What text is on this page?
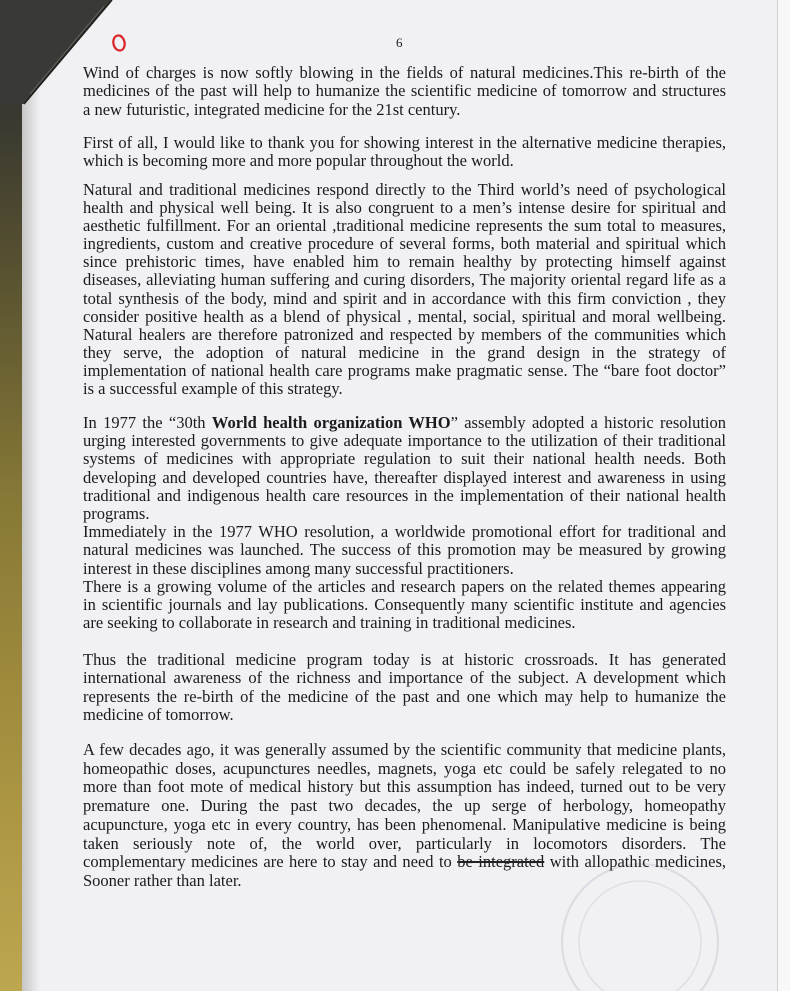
6
Wind of charges is now softly blowing in the fields of natural medicines.This re-birth of the
medicines of the past will help to humanize the scientific medicine of tomorrow and structures
a new futuristic, integrated medicine for the 21st century.
First of all, I would like to thank you for showing interest in the alternative medicine therapies,
which is becoming more and more popular throughout the world.
Natural and traditional medicines respond directly to the Third world’s need of psychological
health and physical well being. It is also congruent to a men’s intense desire for spiritual and
aesthetic fulfillment. For an oriental ,traditional medicine represents the sum total to measures,
ingredients, custom and creative procedure of several forms, both material and spiritual which
since prehistoric times, have enabled him to remain healthy by protecting himself against
diseases, alleviating human suffering and curing disorders, The majority oriental regard life as a
total synthesis of the body, mind and spirit and in accordance with this firm conviction , they
consider positive health as a blend of physical , mental, social, spiritual and moral wellbeing.
Natural healers are therefore patronized and respected by members of the communities which
they serve, the adoption of natural medicine in the grand design in the strategy of
implementation of national health care programs make pragmatic sense. The “bare foot doctor”
is a successful example of this strategy.
In 1977 the “30th World health organization WHO” assembly adopted a historic resolution
urging interested governments to give adequate importance to the utilization of their traditional
systems of medicines with appropriate regulation to suit their national health needs. Both
developing and developed countries have, thereafter displayed interest and awareness in using
traditional and indigenous health care resources in the implementation of their national health
programs.
Immediately in the 1977 WHO resolution, a worldwide promotional effort for traditional and
natural medicines was launched. The success of this promotion may be measured by growing
interest in these disciplines among many successful practitioners.
There is a growing volume of the articles and research papers on the related themes appearing
in scientific journals and lay publications. Consequently many scientific institute and agencies
are seeking to collaborate in research and training in traditional medicines.
Thus the traditional medicine program today is at historic crossroads. It has generated
international awareness of the richness and importance of the subject. A development which
represents the re-birth of the medicine of the past and one which may help to humanize the
medicine of tomorrow.
A few decades ago, it was generally assumed by the scientific community that medicine plants,
homeopathic doses, acupunctures needles, magnets, yoga etc could be safely relegated to no
more than foot mote of medical history but this assumption has indeed, turned out to be very
premature one. During the past two decades, the up serge of herbology, homeopathy
acupuncture, yoga etc in every country, has been phenomenal. Manipulative medicine is being
taken seriously note of, the world over, particularly in locomotors disorders. The
complementary medicines are here to stay and need to be integrated with allopathic medicines,
Sooner rather than later.
